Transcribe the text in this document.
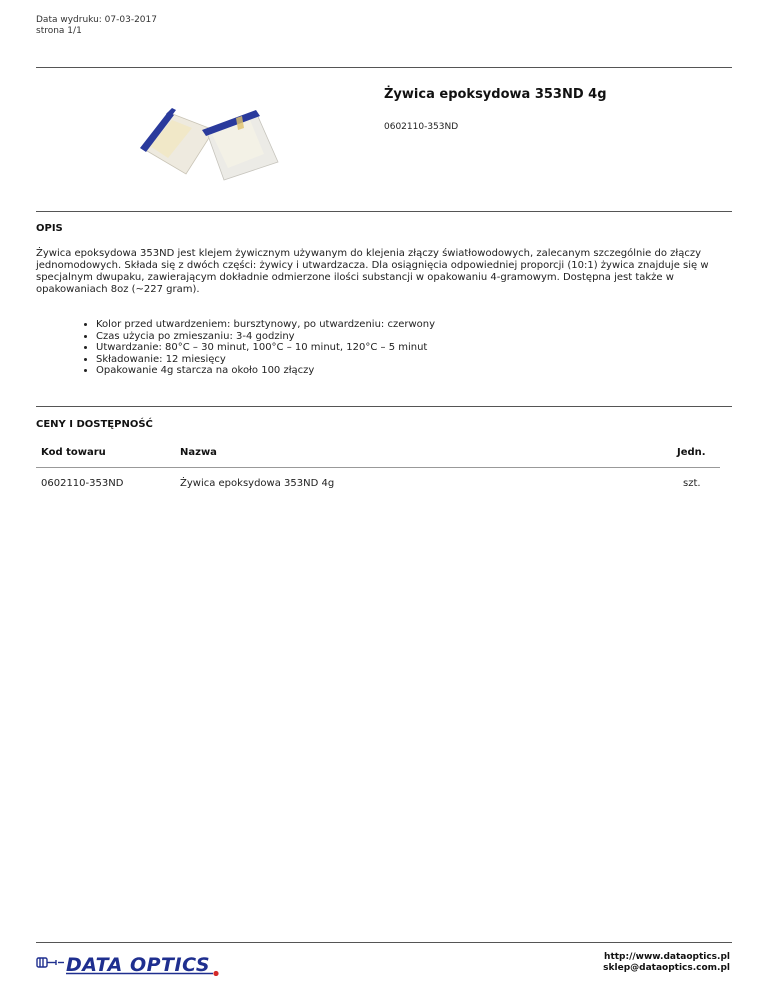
Data wydruku: 07-03-2017
strona 1/1
Żywica epoksydowa 353ND 4g
0602110-353ND
OPIS
Żywica epoksydowa 353ND jest klejem żywicznym używanym do klejenia złączy światłowodowych, zalecanym szczególnie do złączy jednomodowych. Składa się z dwóch części: żywicy i utwardzacza. Dla osiągnięcia odpowiedniej proporcji (10:1) żywica znajduje się w specjalnym dwupaku, zawierającym dokładnie odmierzone ilości substancji w opakowaniu 4-gramowym. Dostępna jest także w opakowaniach 8oz (~227 gram).
• Kolor przed utwardzeniem: bursztynowy, po utwardzeniu: czerwony
• Czas użycia po zmieszaniu: 3-4 godziny
• Utwardzanie: 80°C – 30 minut, 100°C – 10 minut, 120°C – 5 minut
• Składowanie: 12 miesięcy
• Opakowanie 4g starcza na około 100 złączy
CENY I DOSTĘPNOŚĆ
Kod towaru	Nazwa	Jedn.
0602110-353ND	Żywica epoksydowa 353ND 4g	szt.
DATA OPTICS	http://www.dataoptics.pl
sklep@dataoptics.com.pl
